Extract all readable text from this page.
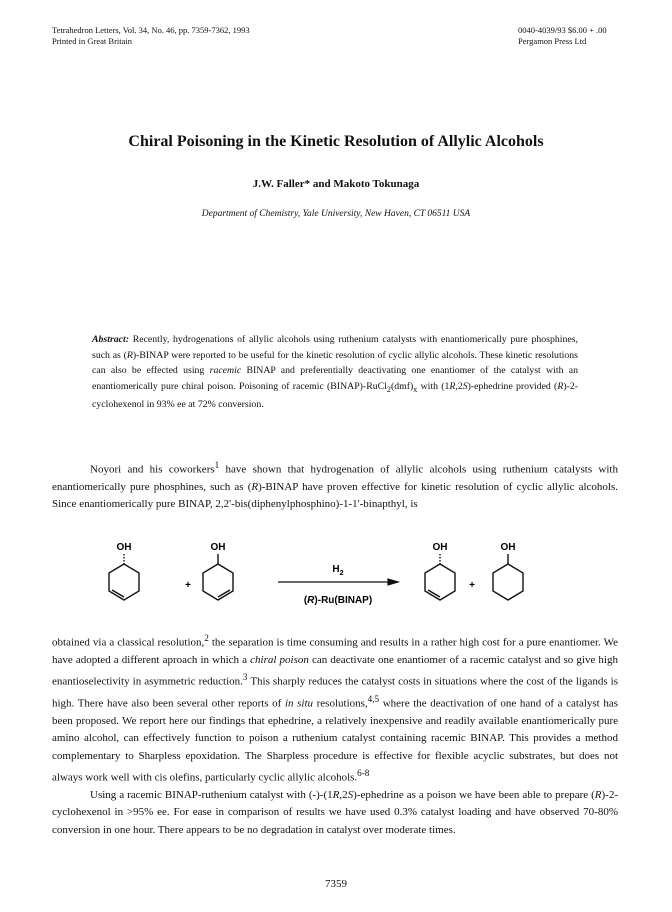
Tetrahedron Letters, Vol. 34, No. 46, pp. 7359-7362, 1993
Printed in Great Britain
0040-4039/93 $6.00 + .00
Pergamon Press Ltd
Chiral Poisoning in the Kinetic Resolution of Allylic Alcohols
J.W. Faller* and Makoto Tokunaga
Department of Chemistry, Yale University, New Haven, CT 06511 USA
Abstract: Recently, hydrogenations of allylic alcohols using ruthenium catalysts with enantiomerically pure phosphines, such as (R)-BINAP were reported to be useful for the kinetic resolution of cyclic allylic alcohols. These kinetic resolutions can also be effected using racemic BINAP and preferentially deactivating one enantiomer of the catalyst with an enantiomerically pure chiral poison. Poisoning of racemic $(BINAP)-RuCl_2(dmf)_x$ with (1R,2S)-ephedrine provided (R)-2-cyclohexenol in 93% ee at 72% conversion.
Noyori and his coworkers$^1$ have shown that hydrogenation of allylic alcohols using ruthenium catalysts with enantiomerically pure phosphines, such as (R)-BINAP have proven effective for kinetic resolution of cyclic allylic alcohols. Since enantiomerically pure BINAP, 2,2'-bis(diphenylphosphino)-1-1'-binapthyl, is
OH
+
OH
$H_2$
(R)-Ru(BINAP)
OH
+
OH
obtained via a classical resolution,$^2$ the separation is time consuming and results in a rather high cost for a pure enantiomer. We have adopted a different aproach in which a chiral poison can deactivate one enantiomer of a racemic catalyst and so give high enantioselectivity in asymmetric reduction.$^3$ This sharply reduces the catalyst costs in situations where the cost of the ligands is high. There have also been several other reports of in situ resolutions,$^{4,5}$ where the deactivation of one hand of a catalyst has been proposed. We report here our findings that ephedrine, a relatively inexpensive and readily available enantiomerically pure amino alcohol, can effectively function to poison a ruthenium catalyst containing racemic BINAP. This provides a method complementary to Sharpless epoxidation. The Sharpless procedure is effective for flexible acyclic substrates, but does not always work well with cis olefins, particularly cyclic allylic alcohols.$^{6-8}$
Using a racemic BINAP-ruthenium catalyst with (-)-(1R,2S)-ephedrine as a poison we have been able to prepare (R)-2-cyclohexenol in >95% ee. For ease in comparison of results we have used 0.3% catalyst loading and have observed 70-80% conversion in one hour. There appears to be no degradation in catalyst over moderate times.
7359
